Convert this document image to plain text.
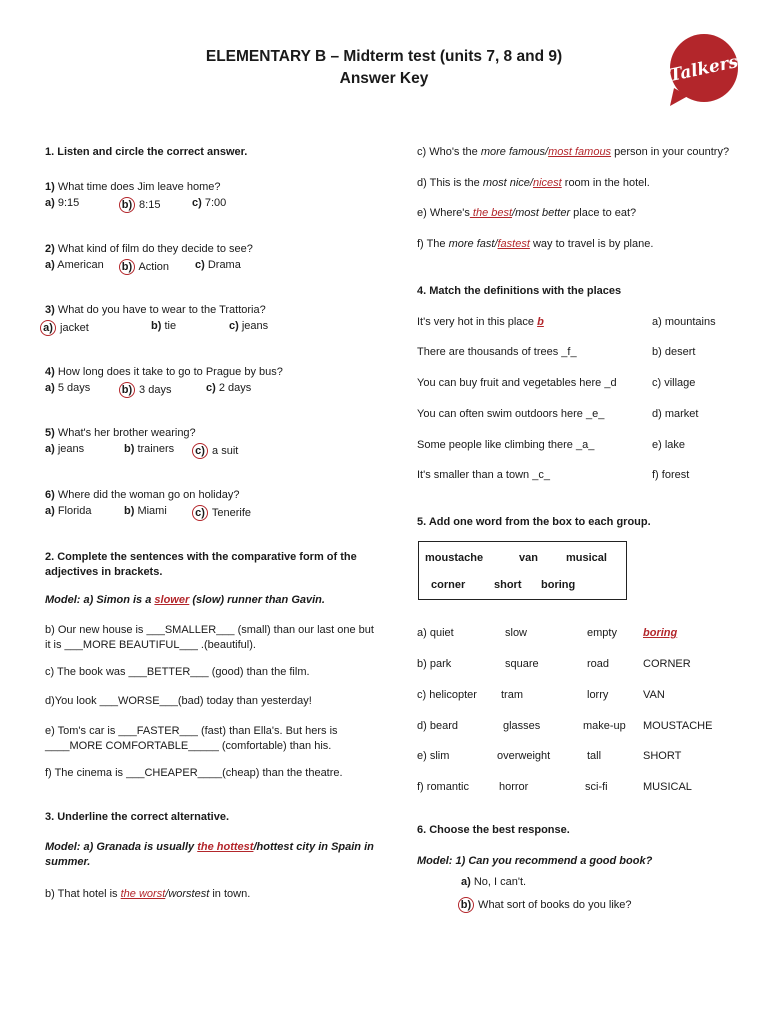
ELEMENTARY B – Midterm test (units 7, 8 and 9)
Answer Key	Talkers
1. Listen and circle the correct answer.
1) What time does Jim leave home?
a) 9:15	b) 8:15	c) 7:00
2) What kind of film do they decide to see?
a) American b) Action c) Drama
3) What do you have to wear to the Trattoria?
a) jacket	b) tie	c) jeans
4) How long does it take to go to Prague by bus?
a) 5 days	b) 3 days	c) 2 days
5) What's her brother wearing?
a) jeans	b) trainers c) a suit
6) Where did the woman go on holiday?
a) Florida	b) Miami	c) Tenerife
2. Complete the sentences with the comparative form of the adjectives in brackets.
Model: a) Simon is a slower (slow) runner than Gavin.
b) Our new house is ___SMALLER___ (small) than our last one but it is ___MORE BEAUTIFUL___ .(beautiful).
c) The book was ___BETTER___ (good) than the film.
d)You look ___WORSE___(bad) today than yesterday!
e) Tom's car is ___FASTER___ (fast) than Ella's. But hers is ____MORE COMFORTABLE_____ (comfortable) than his.
f) The cinema is ___CHEAPER____(cheap) than the theatre.
3. Underline the correct alternative.
Model: a) Granada is usually the hottest/hottest city in Spain in summer.
b) That hotel is the worst/worstest in town.
c) Who's the more famous/most famous person in your country?
d) This is the most nice/nicest room in the hotel.
e) Where's the best/most better place to eat?
f) The more fast/fastest way to travel is by plane.
4. Match the definitions with the places
It's very hot in this place b	a) mountains
There are thousands of trees _f_	b) desert
You can buy fruit and vegetables here _d	c) village
You can often swim outdoors here _e_	d) market
Some people like climbing there _a_	e) lake
It's smaller than a town _c_	f) forest
5. Add one word from the box to each group.
moustache	van	musical
corner	short boring
a) quiet	slow	empty boring
b) park	square	road	CORNER
c) helicopter tram	lorry	VAN
d) beard	glasses	make-up MOUSTACHE
e) slim	overweight	tall	SHORT
f) romantic	horror	sci-fi	MUSICAL
6. Choose the best response.
Model: 1) Can you recommend a good book?
a) No, I can't.
b) What sort of books do you like?
